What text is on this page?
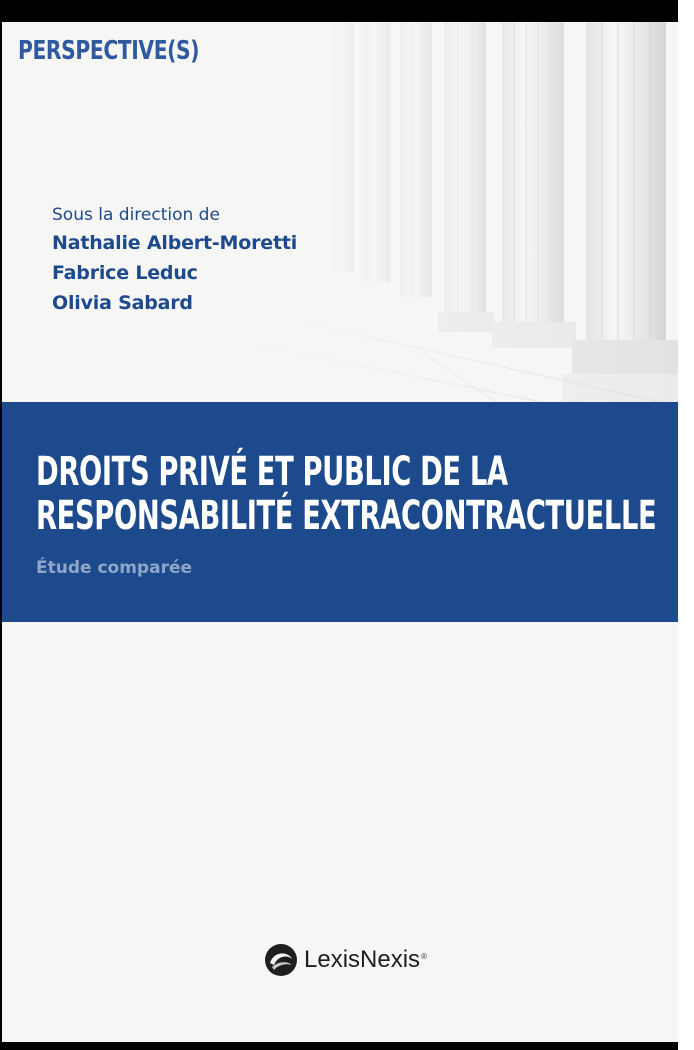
PERSPECTIVE(S)
Sous la direction de
Nathalie Albert-Moretti
Fabrice Leduc
Olivia Sabard
DROITS PRIVÉ ET PUBLIC DE LA
RESPONSABILITÉ EXTRACONTRACTUELLE
Étude comparée
LexisNexis ®
